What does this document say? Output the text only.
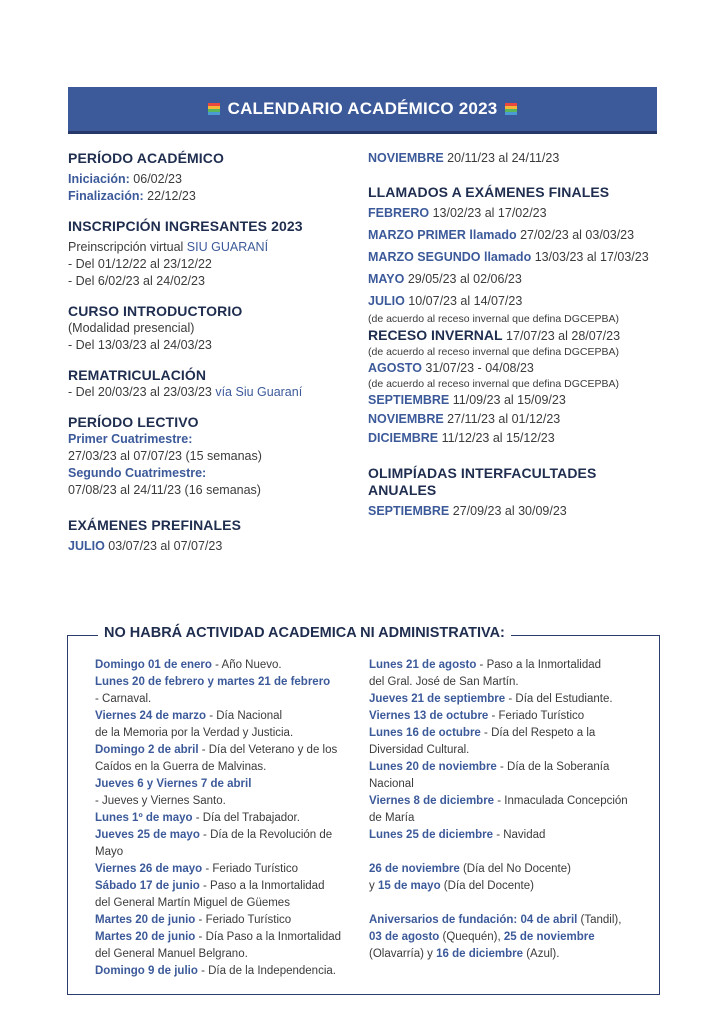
CALENDARIO ACADÉMICO 2023
PERÍODO ACADÉMICO

Iniciación: 06/02/23

Finalización: 22/12/23

INSCRIPCIÓN INGRESANTES 2023

Preinscripción virtual SIU GUARANÍ

- Del 01/12/22 al 23/12/22

- Del 6/02/23 al 24/02/23

CURSO INTRODUCTORIO

(Modalidad presencial)

- Del 13/03/23 al 24/03/23

REMATRICULACIÓN

- Del 20/03/23 al 23/03/23 vía Siu Guaraní

PERÍODO LECTIVO

Primer Cuatrimestre:

27/03/23 al 07/07/23 (15 semanas)

Segundo Cuatrimestre:

07/08/23 al 24/11/23 (16 semanas)

EXÁMENES PREFINALES

JULIO 03/07/23 al 07/07/23

NOVIEMBRE 20/11/23 al 24/11/23

LLAMADOS A EXÁMENES FINALES

FEBRERO 13/02/23 al 17/02/23

MARZO PRIMER llamado 27/02/23 al 03/03/23

MARZO SEGUNDO llamado 13/03/23 al 17/03/23

MAYO 29/05/23 al 02/06/23

JULIO 10/07/23 al 14/07/23

(de acuerdo al receso invernal que defina DGCEPBA)

RECESO INVERNAL 17/07/23 al 28/07/23

(de acuerdo al receso invernal que defina DGCEPBA)

AGOSTO 31/07/23 - 04/08/23

(de acuerdo al receso invernal que defina DGCEPBA)

SEPTIEMBRE 11/09/23 al 15/09/23

NOVIEMBRE 27/11/23 al 01/12/23

DICIEMBRE 11/12/23 al 15/12/23

OLIMPÍADAS INTERFACULTADES ANUALES

SEPTIEMBRE 27/09/23 al 30/09/23

NO HABRÁ ACTIVIDAD ACADEMICA NI ADMINISTRATIVA:

Domingo 01 de enero - Año Nuevo.

Lunes 20 de febrero y martes 21 de febrero

- Carnaval.

Viernes 24 de marzo - Día Nacional

de la Memoria por la Verdad y Justicia.

Domingo 2 de abril - Día del Veterano y de los

Caídos en la Guerra de Malvinas.

Jueves 6 y Viernes 7 de abril

- Jueves y Viernes Santo.

Lunes 1º de mayo - Día del Trabajador.

Jueves 25 de mayo - Día de la Revolución de Mayo

Viernes 26 de mayo - Feriado Turístico

Sábado 17 de junio - Paso a la Inmortalidad

del General Martín Miguel de Güemes

Martes 20 de junio - Feriado Turístico

Martes 20 de junio - Día Paso a la Inmortalidad

del General Manuel Belgrano.

Domingo 9 de julio - Día de la Independencia.

Lunes 21 de agosto - Paso a la Inmortalidad

del Gral. José de San Martín.

Jueves 21 de septiembre - Día del Estudiante.

Viernes 13 de octubre - Feriado Turístico

Lunes 16 de octubre - Día del Respeto a la

Diversidad Cultural.

Lunes 20 de noviembre - Día de la Soberanía

Nacional

Viernes 8 de diciembre - Inmaculada Concepción

de María

Lunes 25 de diciembre - Navidad

26 de noviembre (Día del No Docente)

y 15 de mayo (Día del Docente)

Aniversarios de fundación: 04 de abril (Tandil),

03 de agosto (Quequén), 25 de noviembre

(Olavarría) y 16 de diciembre (Azul).
